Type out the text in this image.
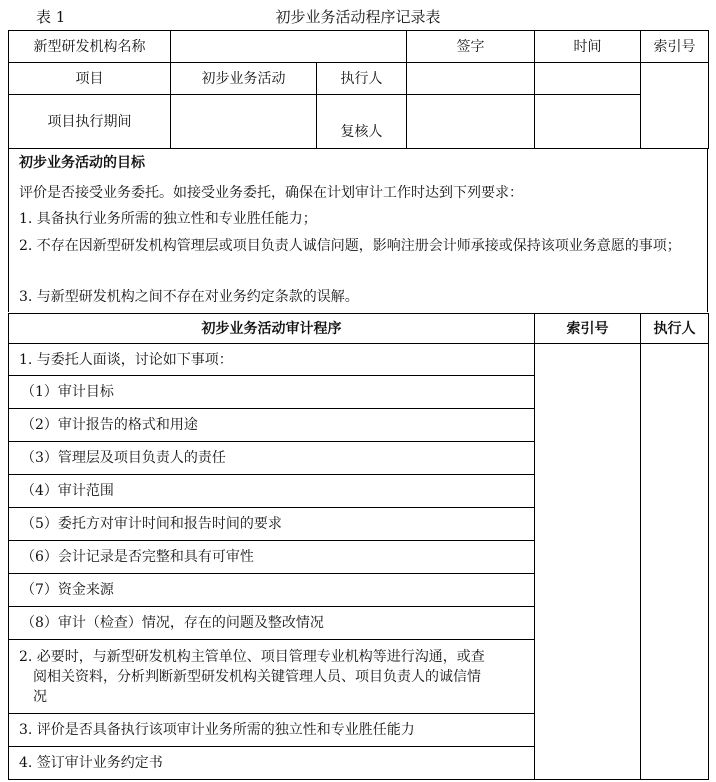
表 1	初步业务活动程序记录表
新型研发机构名称			签字	时间	索引号
项目	初步业务活动	执行人			
项目执行期间		复核人			
初步业务活动的目标
评价是否接受业务委托。如接受业务委托，确保在计划审计工作时达到下列要求：
1. 具备执行业务所需的独立性和专业胜任能力；
2. 不存在因新型研发机构管理层或项目负责人诚信问题，影响注册会计师承接或保持该项业务意愿的事项；
3. 与新型研发机构之间不存在对业务约定条款的误解。
初步业务活动审计程序	索引号	执行人
1. 与委托人面谈，讨论如下事项：		
（1）审计目标		
（2）审计报告的格式和用途		
（3）管理层及项目负责人的责任		
（4）审计范围		
（5）委托方对审计时间和报告时间的要求		
（6）会计记录是否完整和具有可审性		
（7）资金来源		
（8）审计（检查）情况，存在的问题及整改情况		

2. 必要时，与新型研发机构主管单位、项目管理专业机构等进行沟通，或查
阅相关资料，分析判断新型研发机构关键管理人员、项目负责人的诚信情
况		

3. 评价是否具备执行该项审计业务所需的独立性和专业胜任能力		
4. 签订审计业务约定书		
